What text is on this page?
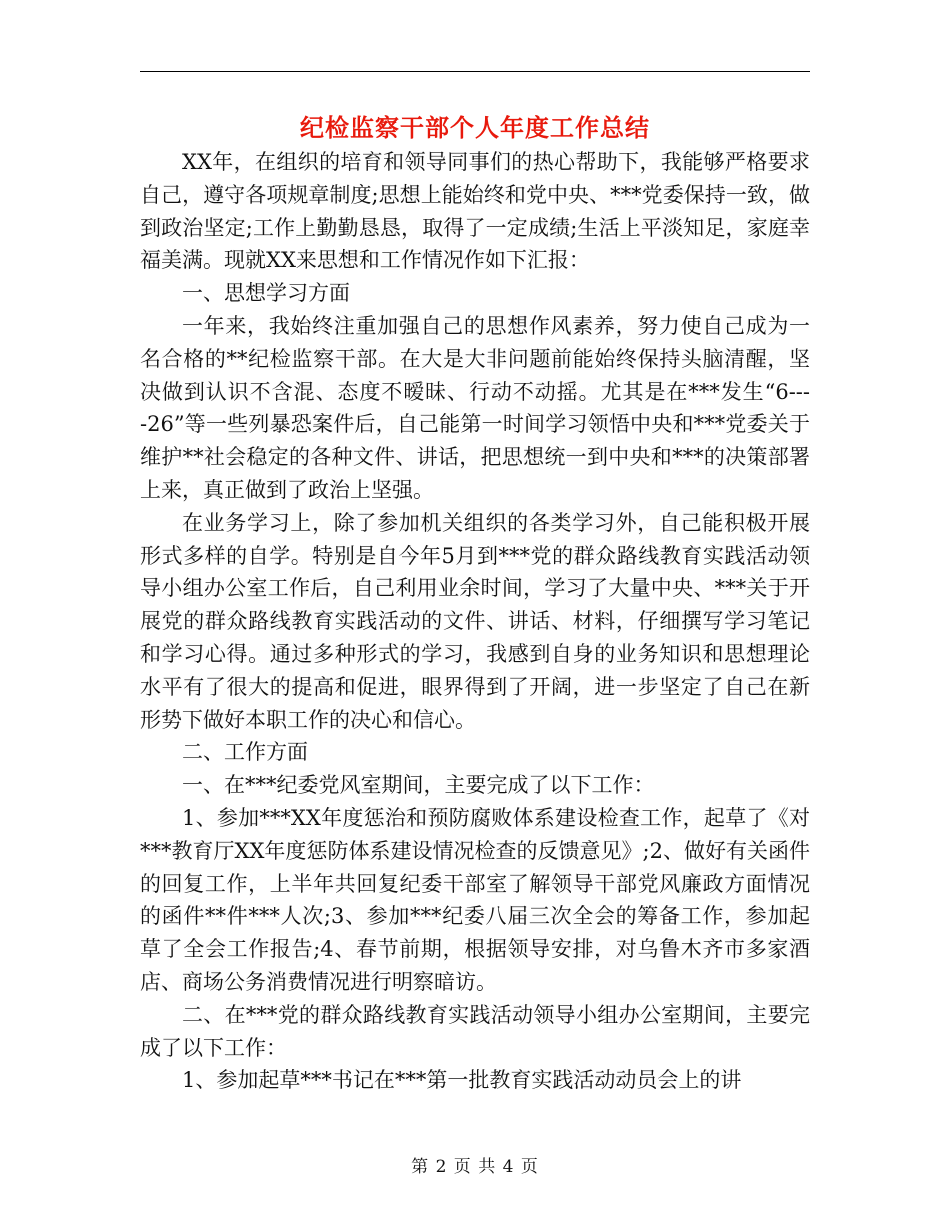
纪检监察干部个人年度工作总结

XX年，在组织的培育和领导同事们的热心帮助下，我能够严格要求自己，遵守各项规章制度;思想上能始终和党中央、***党委保持一致，做到政治坚定;工作上勤勤恳恳，取得了一定成绩;生活上平淡知足，家庭幸福美满。现就XX来思想和工作情况作如下汇报：

一、思想学习方面

一年来，我始终注重加强自己的思想作风素养，努力使自己成为一名合格的**纪检监察干部。在大是大非问题前能始终保持头脑清醒，坚决做到认识不含混、态度不暧昧、行动不动摇。尤其是在***发生“6----26”等一些列暴恐案件后，自己能第一时间学习领悟中央和***党委关于维护**社会稳定的各种文件、讲话，把思想统一到中央和***的决策部署上来，真正做到了政治上坚强。

在业务学习上，除了参加机关组织的各类学习外，自己能积极开展形式多样的自学。特别是自今年5月到***党的群众路线教育实践活动领导小组办公室工作后，自己利用业余时间，学习了大量中央、***关于开展党的群众路线教育实践活动的文件、讲话、材料，仔细撰写学习笔记和学习心得。通过多种形式的学习，我感到自身的业务知识和思想理论水平有了很大的提高和促进，眼界得到了开阔，进一步坚定了自己在新形势下做好本职工作的决心和信心。

二、工作方面

一、在***纪委党风室期间，主要完成了以下工作：

1、参加***XX年度惩治和预防腐败体系建设检查工作，起草了《对***教育厅XX年度惩防体系建设情况检查的反馈意见》;2、做好有关函件的回复工作，上半年共回复纪委干部室了解领导干部党风廉政方面情况的函件**件***人次;3、参加***纪委八届三次全会的筹备工作，参加起草了全会工作报告;4、春节前期，根据领导安排，对乌鲁木齐市多家酒店、商场公务消费情况进行明察暗访。

二、在***党的群众路线教育实践活动领导小组办公室期间，主要完成了以下工作：

1、参加起草***书记在***第一批教育实践活动动员会上的讲

第 2 页 共 4 页
